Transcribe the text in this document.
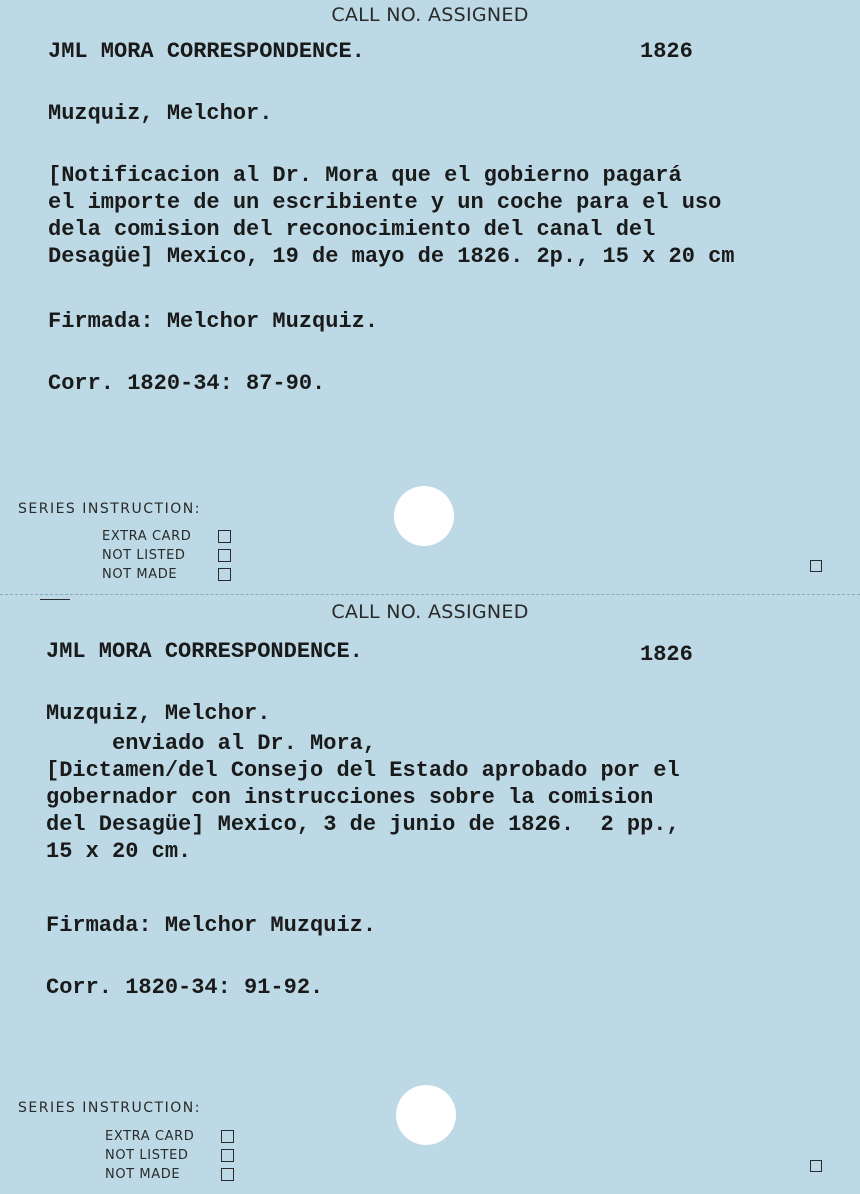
CALL NO. ASSIGNED
JML MORA CORRESPONDENCE.	1826
Muzquiz, Melchor.
[Notificacion al Dr. Mora que el gobierno pagará
el importe de un escribiente y un coche para el uso
dela comision del reconocimiento del canal del
Desagüe] Mexico, 19 de mayo de 1826. 2p., 15 x 20 cm
Firmada: Melchor Muzquiz.
Corr. 1820-34: 87-90.
SERIES INSTRUCTION:
EXTRA CARD
NOT LISTED
NOT MADE
CALL NO. ASSIGNED
JML MORA CORRESPONDENCE.	1826
Muzquiz, Melchor.
enviado al Dr. Mora,
[Dictamen/del Consejo del Estado aprobado por el
gobernador con instrucciones sobre la comision
del Desagüe] Mexico, 3 de junio de 1826.  2 pp.,
15 x 20 cm.
Firmada: Melchor Muzquiz.
Corr. 1820-34: 91-92.
SERIES INSTRUCTION:
EXTRA CARD
NOT LISTED
NOT MADE
